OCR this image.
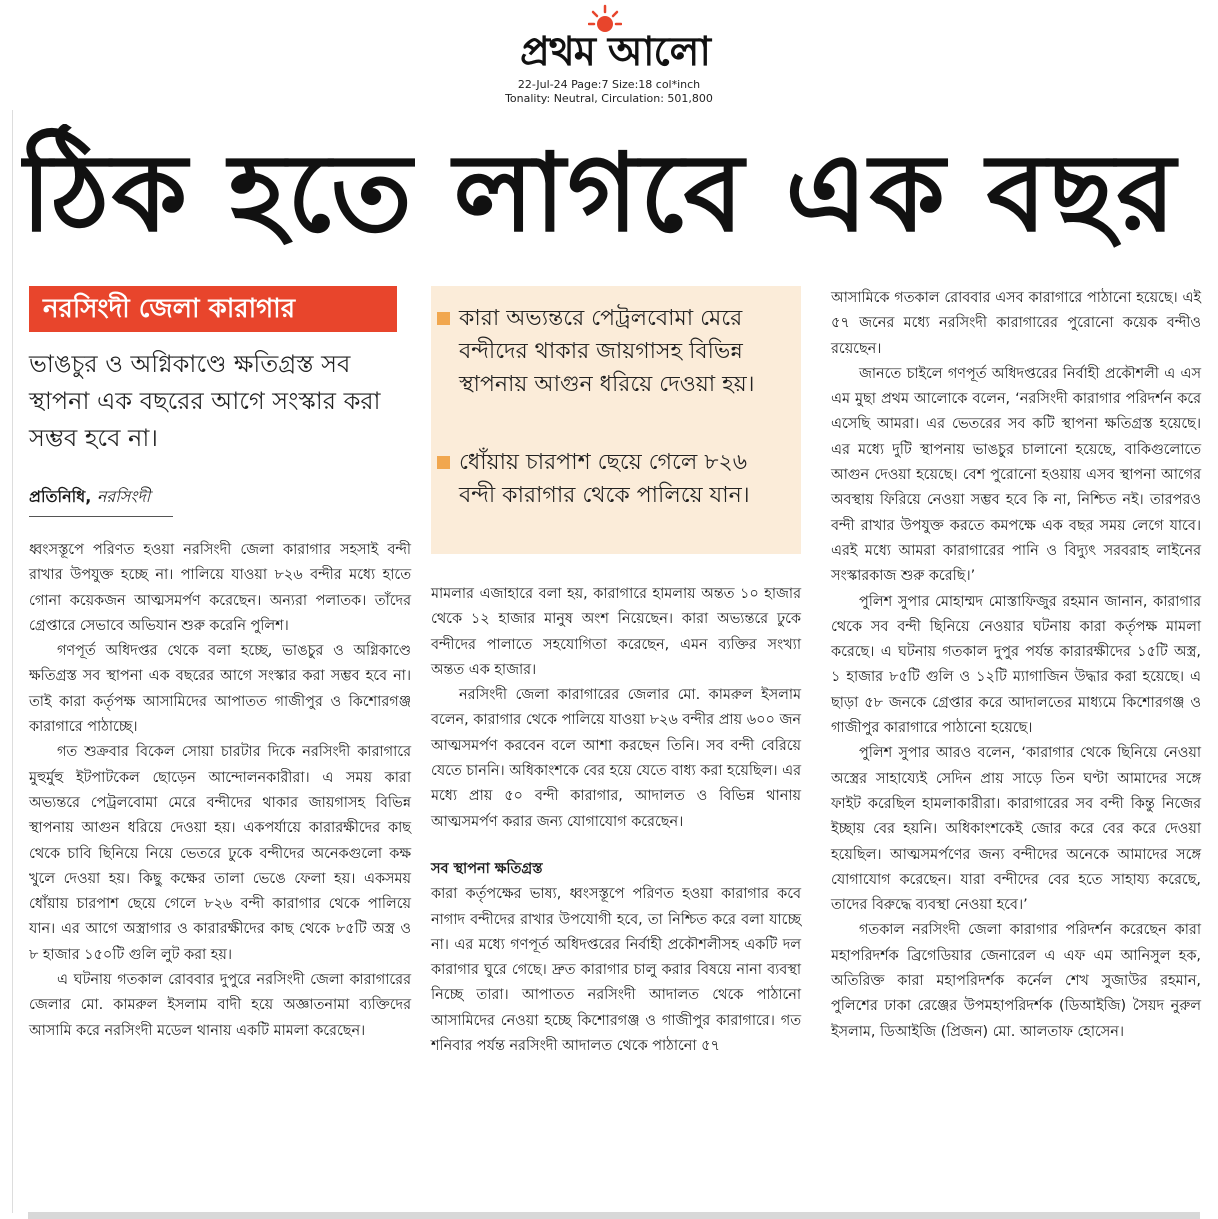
প্রথম আলো
22-Jul-24 Page:7 Size:18 col*inch
Tonality: Neutral, Circulation: 501,800
ঠিক হতে লাগবে এক বছর
নরসিংদী জেলা কারাগার
ভাঙচুর ও অগ্নিকাণ্ডে ক্ষতিগ্রস্ত সব স্থাপনা এক বছরের আগে সংস্কার করা সম্ভব হবে না।
প্রতিনিধি, নরসিংদী
কারা অভ্যন্তরে পেট্রলবোমা মেরে বন্দীদের থাকার জায়গাসহ বিভিন্ন স্থাপনায় আগুন ধরিয়ে দেওয়া হয়।
ধোঁয়ায় চারপাশ ছেয়ে গেলে ৮২৬ বন্দী কারাগার থেকে পালিয়ে যান।

ধ্বংসস্তূপে পরিণত হওয়া নরসিংদী জেলা কারাগার সহসাই বন্দী রাখার উপযুক্ত হচ্ছে না। পালিয়ে যাওয়া ৮২৬ বন্দীর মধ্যে হাতে গোনা কয়েকজন আত্মসমর্পণ করেছেন। অন্যরা পলাতক। তাঁদের গ্রেপ্তারে সেভাবে অভিযান শুরু করেনি পুলিশ।

গণপূর্ত অধিদপ্তর থেকে বলা হচ্ছে, ভাঙচুর ও অগ্নিকাণ্ডে ক্ষতিগ্রস্ত সব স্থাপনা এক বছরের আগে সংস্কার করা সম্ভব হবে না। তাই কারা কর্তৃপক্ষ আসামিদের আপাতত গাজীপুর ও কিশোরগঞ্জ কারাগারে পাঠাচ্ছে।

গত শুক্রবার বিকেল সোয়া চারটার দিকে নরসিংদী কারাগারে মুহুর্মুহু ইটপাটকেল ছোড়েন আন্দোলনকারীরা। এ সময় কারা অভ্যন্তরে পেট্রলবোমা মেরে বন্দীদের থাকার জায়গাসহ বিভিন্ন স্থাপনায় আগুন ধরিয়ে দেওয়া হয়। একপর্যায়ে কারারক্ষীদের কাছ থেকে চাবি ছিনিয়ে নিয়ে ভেতরে ঢুকে বন্দীদের অনেকগুলো কক্ষ খুলে দেওয়া হয়। কিছু কক্ষের তালা ভেঙে ফেলা হয়। একসময় ধোঁয়ায় চারপাশ ছেয়ে গেলে ৮২৬ বন্দী কারাগার থেকে পালিয়ে যান। এর আগে অস্ত্রাগার ও কারারক্ষীদের কাছ থেকে ৮৫টি অস্ত্র ও ৮ হাজার ১৫০টি গুলি লুট করা হয়।

এ ঘটনায় গতকাল রোববার দুপুরে নরসিংদী জেলা কারাগারের জেলার মো. কামরুল ইসলাম বাদী হয়ে অজ্ঞাতনামা ব্যক্তিদের আসামি করে নরসিংদী মডেল থানায় একটি মামলা করেছেন।

মামলার এজাহারে বলা হয়, কারাগারে হামলায় অন্তত ১০ হাজার থেকে ১২ হাজার মানুষ অংশ নিয়েছেন। কারা অভ্যন্তরে ঢুকে বন্দীদের পালাতে সহযোগিতা করেছেন, এমন ব্যক্তির সংখ্যা অন্তত এক হাজার।

নরসিংদী জেলা কারাগারের জেলার মো. কামরুল ইসলাম বলেন, কারাগার থেকে পালিয়ে যাওয়া ৮২৬ বন্দীর প্রায় ৬০০ জন আত্মসমর্পণ করবেন বলে আশা করছেন তিনি। সব বন্দী বেরিয়ে যেতে চাননি। অধিকাংশকে বের হয়ে যেতে বাধ্য করা হয়েছিল। এর মধ্যে প্রায় ৫০ বন্দী কারাগার, আদালত ও বিভিন্ন থানায় আত্মসমর্পণ করার জন্য যোগাযোগ করেছেন।

সব স্থাপনা ক্ষতিগ্রস্ত

কারা কর্তৃপক্ষের ভাষ্য, ধ্বংসস্তূপে পরিণত হওয়া কারাগার কবে নাগাদ বন্দীদের রাখার উপযোগী হবে, তা নিশ্চিত করে বলা যাচ্ছে না। এর মধ্যে গণপূর্ত অধিদপ্তরের নির্বাহী প্রকৌশলীসহ একটি দল কারাগার ঘুরে গেছে। দ্রুত কারাগার চালু করার বিষয়ে নানা ব্যবস্থা নিচ্ছে তারা। আপাতত নরসিংদী আদালত থেকে পাঠানো আসামিদের নেওয়া হচ্ছে কিশোরগঞ্জ ও গাজীপুর কারাগারে। গত শনিবার পর্যন্ত নরসিংদী আদালত থেকে পাঠানো ৫৭

আসামিকে গতকাল রোববার এসব কারাগারে পাঠানো হয়েছে। এই ৫৭ জনের মধ্যে নরসিংদী কারাগারের পুরোনো কয়েক বন্দীও রয়েছেন।

জানতে চাইলে গণপূর্ত অধিদপ্তরের নির্বাহী প্রকৌশলী এ এস এম মুছা প্রথম আলোকে বলেন, ‘নরসিংদী কারাগার পরিদর্শন করে এসেছি আমরা। এর ভেতরের সব কটি স্থাপনা ক্ষতিগ্রস্ত হয়েছে। এর মধ্যে দুটি স্থাপনায় ভাঙচুর চালানো হয়েছে, বাকিগুলোতে আগুন দেওয়া হয়েছে। বেশ পুরোনো হওয়ায় এসব স্থাপনা আগের অবস্থায় ফিরিয়ে নেওয়া সম্ভব হবে কি না, নিশ্চিত নই। তারপরও বন্দী রাখার উপযুক্ত করতে কমপক্ষে এক বছর সময় লেগে যাবে। এরই মধ্যে আমরা কারাগারের পানি ও বিদ্যুৎ সরবরাহ লাইনের সংস্কারকাজ শুরু করেছি।’

পুলিশ সুপার মোহাম্মদ মোস্তাফিজুর রহমান জানান, কারাগার থেকে সব বন্দী ছিনিয়ে নেওয়ার ঘটনায় কারা কর্তৃপক্ষ মামলা করেছে। এ ঘটনায় গতকাল দুপুর পর্যন্ত কারারক্ষীদের ১৫টি অস্ত্র, ১ হাজার ৮৫টি গুলি ও ১২টি ম্যাগাজিন উদ্ধার করা হয়েছে। এ ছাড়া ৫৮ জনকে গ্রেপ্তার করে আদালতের মাধ্যমে কিশোরগঞ্জ ও গাজীপুর কারাগারে পাঠানো হয়েছে।

পুলিশ সুপার আরও বলেন, ‘কারাগার থেকে ছিনিয়ে নেওয়া অস্ত্রের সাহায্যেই সেদিন প্রায় সাড়ে তিন ঘণ্টা আমাদের সঙ্গে ফাইট করেছিল হামলাকারীরা। কারাগারের সব বন্দী কিন্তু নিজের ইচ্ছায় বের হয়নি। অধিকাংশকেই জোর করে বের করে দেওয়া হয়েছিল। আত্মসমর্পণের জন্য বন্দীদের অনেকে আমাদের সঙ্গে যোগাযোগ করেছেন। যারা বন্দীদের বের হতে সাহায্য করেছে, তাদের বিরুদ্ধে ব্যবস্থা নেওয়া হবে।’

গতকাল নরসিংদী জেলা কারাগার পরিদর্শন করেছেন কারা মহাপরিদর্শক ব্রিগেডিয়ার জেনারেল এ এফ এম আনিসুল হক, অতিরিক্ত কারা মহাপরিদর্শক কর্নেল শেখ সুজাউর রহমান, পুলিশের ঢাকা রেঞ্জের উপমহাপরিদর্শক (ডিআইজি) সৈয়দ নুরুল ইসলাম, ডিআইজি (প্রিজন) মো. আলতাফ হোসেন।
